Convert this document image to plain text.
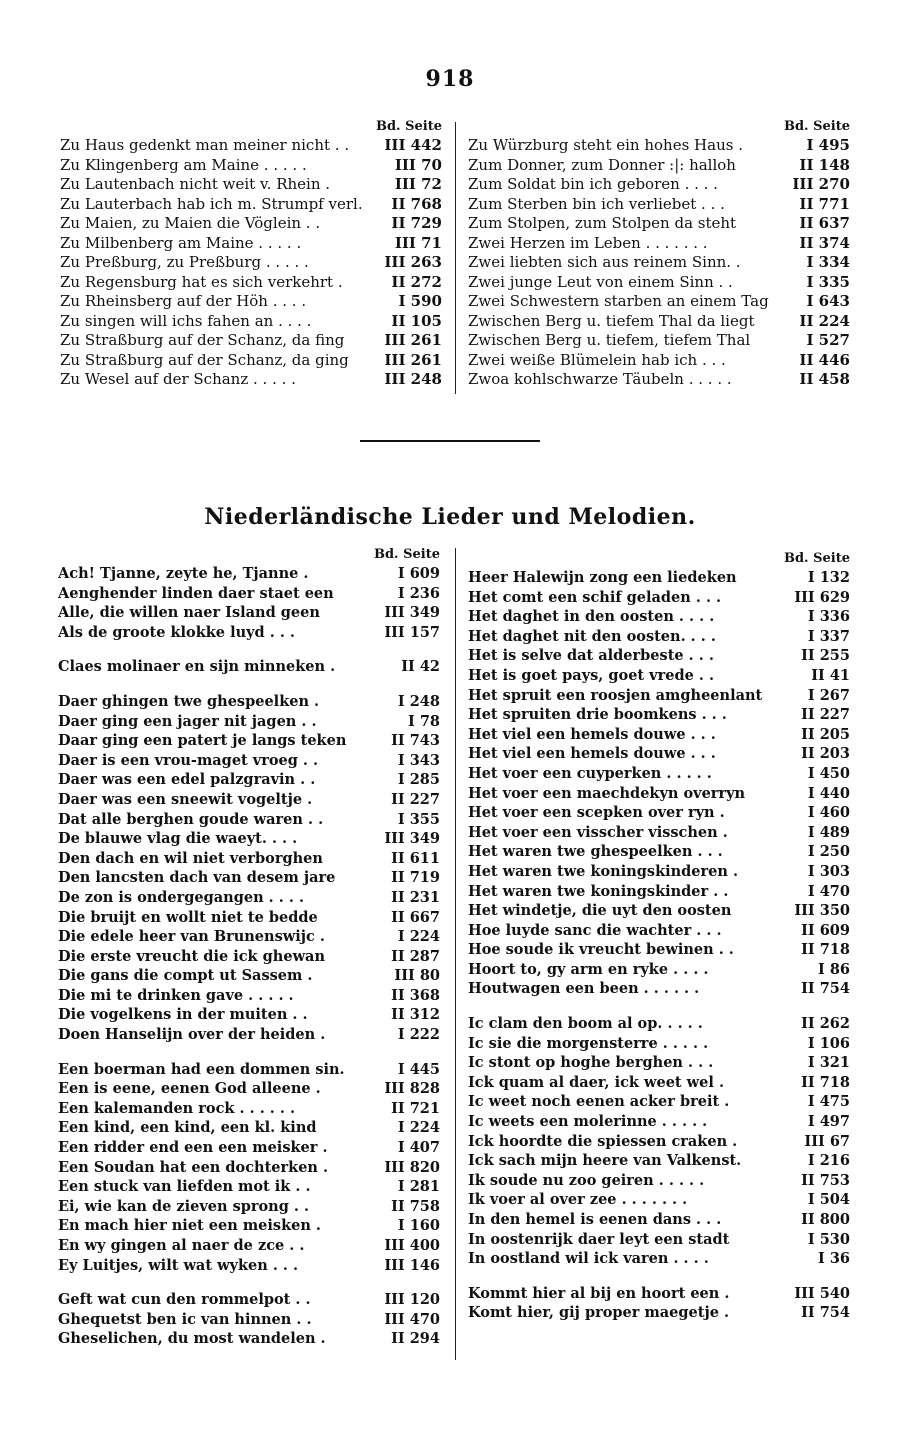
918
Bd. Seite
Zu Haus gedenkt man meiner nicht . .	III 442
Zu Klingenberg am Maine . . . . .	III 70
Zu Lautenbach nicht weit v. Rhein .	III 72
Zu Lauterbach hab ich m. Strumpf verl.	II 768
Zu Maien, zu Maien die Vöglein . .	II 729
Zu Milbenberg am Maine . . . . .	III 71
Zu Preßburg, zu Preßburg . . . . .	III 263
Zu Regensburg hat es sich verkehrt .	II 272
Zu Rheinsberg auf der Höh . . . .	I 590
Zu singen will ichs fahen an . . . .	II 105
Zu Straßburg auf der Schanz, da fing	III 261
Zu Straßburg auf der Schanz, da ging	III 261
Zu Wesel auf der Schanz . . . . .	III 248
Bd. Seite
Zu Würzburg steht ein hohes Haus .	I 495
Zum Donner, zum Donner :|: halloh	II 148
Zum Soldat bin ich geboren . . . .	III 270
Zum Sterben bin ich verliebet . . .	II 771
Zum Stolpen, zum Stolpen da steht	II 637
Zwei Herzen im Leben . . . . . . .	II 374
Zwei liebten sich aus reinem Sinn. .	I 334
Zwei junge Leut von einem Sinn . .	I 335
Zwei Schwestern starben an einem Tag	I 643
Zwischen Berg u. tiefem Thal da liegt	II 224
Zwischen Berg u. tiefem, tiefem Thal	I 527
Zwei weiße Blümelein hab ich . . .	II 446
Zwoa kohlschwarze Täubeln . . . . .	II 458
Niederländische Lieder und Melodien.
Bd. Seite
Ach! Tjanne, zeyte he, Tjanne .	I 609
Aenghender linden daer staet een	I 236
Alle, die willen naer Island geen	III 349
Als de groote klokke luyd . . .	III 157
Claes molinaer en sijn minneken .	II 42
Daer ghingen twe ghespeelken .	I 248
Daer ging een jager nit jagen . .	I 78
Daar ging een patert je langs teken	II 743
Daer is een vrou-maget vroeg . .	I 343
Daer was een edel palzgravin . .	I 285
Daer was een sneewit vogeltje .	II 227
Dat alle berghen goude waren . .	I 355
De blauwe vlag die waeyt. . . .	III 349
Den dach en wil niet verborghen	II 611
Den lancsten dach van desem jare	II 719
De zon is ondergegangen . . . .	II 231
Die bruijt en wollt niet te bedde	II 667
Die edele heer van Brunenswijc .	I 224
Die erste vreucht die ick ghewan	II 287
Die gans die compt ut Sassem .	III 80
Die mi te drinken gave . . . . .	II 368
Die vogelkens in der muiten . .	II 312
Doen Hanselijn over der heiden .	I 222
Een boerman had een dommen sin.	I 445
Een is eene, eenen God alleene .	III 828
Een kalemanden rock . . . . . .	II 721
Een kind, een kind, een kl. kind	I 224
Een ridder end een een meisker .	I 407
Een Soudan hat een dochterken .	III 820
Een stuck van liefden mot ik . .	I 281
Ei, wie kan de zieven sprong . .	II 758
En mach hier niet een meisken .	I 160
En wy gingen al naer de zce . .	III 400
Ey Luitjes, wilt wat wyken . . .	III 146
Geft wat cun den rommelpot . .	III 120
Ghequetst ben ic van hinnen . .	III 470
Gheselichen, du most wandelen .	II 294
Bd. Seite
Heer Halewijn zong een liedeken	I 132
Het comt een schif geladen . . .	III 629
Het daghet in den oosten . . . .	I 336
Het daghet nit den oosten. . . .	I 337
Het is selve dat alderbeste . . .	II 255
Het is goet pays, goet vrede . .	II 41
Het spruit een roosjen amgheenlant	I 267
Het spruiten drie boomkens . . .	II 227
Het viel een hemels douwe . . .	II 205
Het viel een hemels douwe . . .	II 203
Het voer een cuyperken . . . . .	I 450
Het voer een maechdekyn overryn	I 440
Het voer een scepken over ryn .	I 460
Het voer een visscher visschen .	I 489
Het waren twe ghespeelken . . .	I 250
Het waren twe koningskinderen .	I 303
Het waren twe koningskinder . .	I 470
Het windetje, die uyt den oosten	III 350
Hoe luyde sanc die wachter . . .	II 609
Hoe soude ik vreucht bewinen . .	II 718
Hoort to, gy arm en ryke . . . .	I 86
Houtwagen een been . . . . . .	II 754
Ic clam den boom al op. . . . .	II 262
Ic sie die morgensterre . . . . .	I 106
Ic stont op hoghe berghen . . .	I 321
Ick quam al daer, ick weet wel .	II 718
Ic weet noch eenen acker breit .	I 475
Ic weets een molerinne . . . . .	I 497
Ick hoordte die spiessen craken .	III 67
Ick sach mijn heere van Valkenst.	I 216
Ik soude nu zoo geiren . . . . .	II 753
Ik voer al over zee . . . . . . .	I 504
In den hemel is eenen dans . . .	II 800
In oostenrijk daer leyt een stadt	I 530
In oostland wil ick varen . . . .	I 36
Kommt hier al bij en hoort een .	III 540
Komt hier, gij proper maegetje .	II 754
